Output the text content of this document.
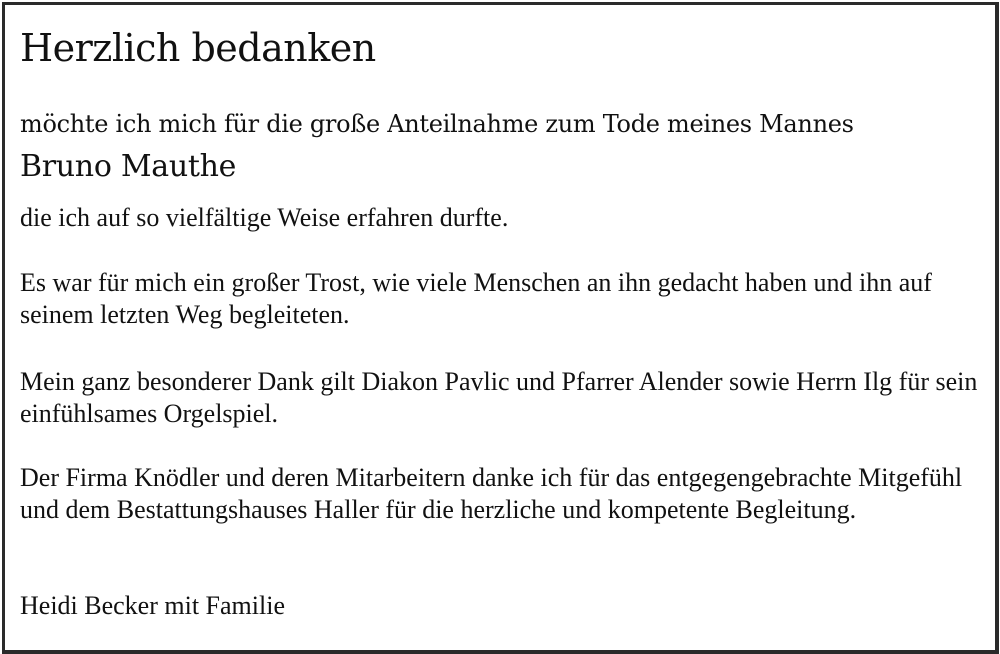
Herzlich bedanken
möchte ich mich für die große Anteilnahme zum Tode meines Mannes
Bruno Mauthe
die ich auf so vielfältige Weise erfahren durfte.
Es war für mich ein großer Trost, wie viele Menschen an ihn gedacht haben und ihn auf seinem letzten Weg begleiteten.
Mein ganz besonderer Dank gilt Diakon Pavlic und Pfarrer Alender sowie Herrn Ilg für sein einfühlsames Orgelspiel.
Der Firma Knödler und deren Mitarbeitern danke ich für das entgegengebrachte Mitgefühl und dem Bestattungshauses Haller für die herzliche und kompetente Begleitung.
Heidi Becker mit Familie
